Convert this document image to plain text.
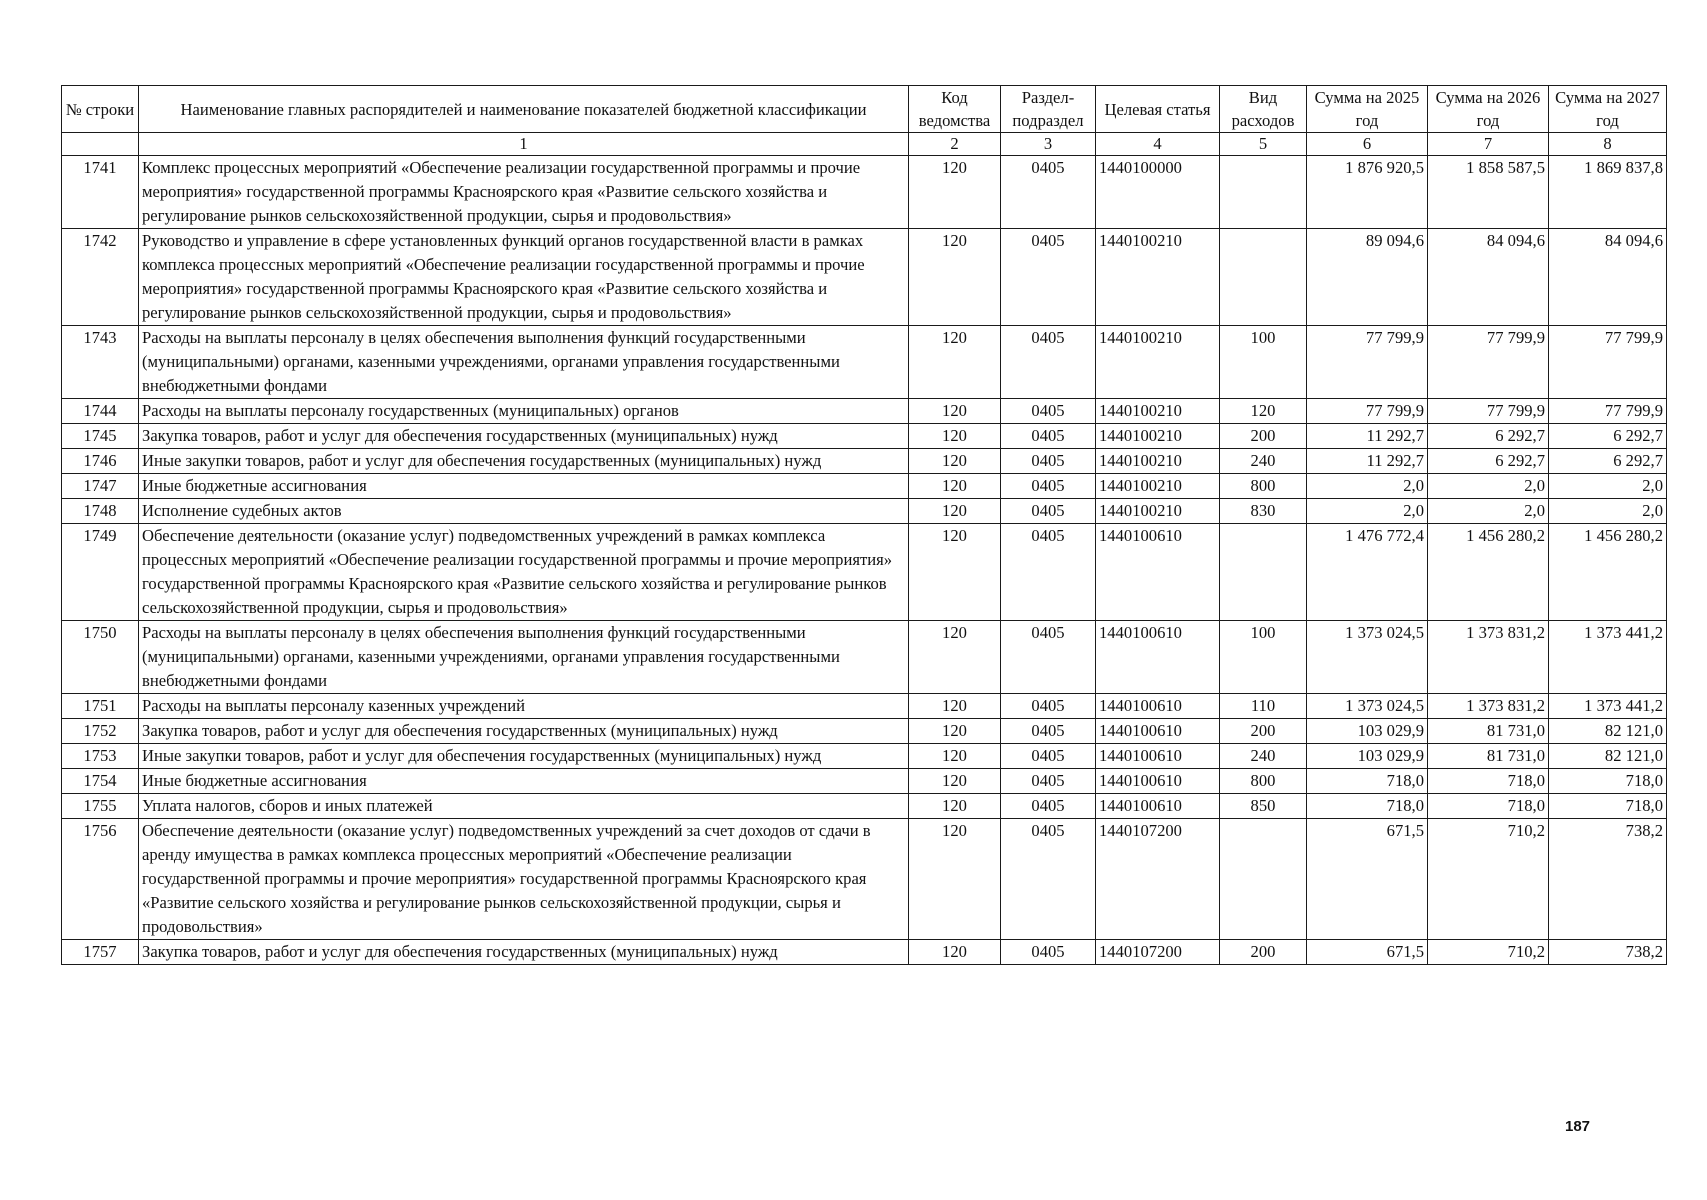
№ строки	Наименование главных распорядителей и наименование показателей бюджетной классификации	Код ведомства	Раздел- подраздел	Целевая статья	Вид расходов	Сумма на 2025 год	Сумма на 2026 год	Сумма на 2027 год
	1	2	3	4	5	6	7	8
1741	Комплекс процессных мероприятий «Обеспечение реализации государственной программы и прочие мероприятия» государственной программы Красноярского края «Развитие сельского хозяйства и регулирование рынков сельскохозяйственной продукции, сырья и продовольствия»	120	0405	1440100000		1 876 920,5	1 858 587,5	1 869 837,8
1742	Руководство и управление в сфере установленных функций органов государственной власти в рамках комплекса процессных мероприятий «Обеспечение реализации государственной программы и прочие мероприятия» государственной программы Красноярского края «Развитие сельского хозяйства и регулирование рынков сельскохозяйственной продукции, сырья и продовольствия»	120	0405	1440100210		89 094,6	84 094,6	84 094,6
1743	Расходы на выплаты персоналу в целях обеспечения выполнения функций государственными (муниципальными) органами, казенными учреждениями, органами управления государственными внебюджетными фондами	120	0405	1440100210	100	77 799,9	77 799,9	77 799,9
1744	Расходы на выплаты персоналу государственных (муниципальных) органов	120	0405	1440100210	120	77 799,9	77 799,9	77 799,9
1745	Закупка товаров, работ и услуг для обеспечения государственных (муниципальных) нужд	120	0405	1440100210	200	11 292,7	6 292,7	6 292,7
1746	Иные закупки товаров, работ и услуг для обеспечения государственных (муниципальных) нужд	120	0405	1440100210	240	11 292,7	6 292,7	6 292,7
1747	Иные бюджетные ассигнования	120	0405	1440100210	800	2,0	2,0	2,0
1748	Исполнение судебных актов	120	0405	1440100210	830	2,0	2,0	2,0
1749	Обеспечение деятельности (оказание услуг) подведомственных учреждений в рамках комплекса процессных мероприятий «Обеспечение реализации государственной программы и прочие мероприятия» государственной программы Красноярского края «Развитие сельского хозяйства и регулирование рынков сельскохозяйственной продукции, сырья и продовольствия»	120	0405	1440100610		1 476 772,4	1 456 280,2	1 456 280,2
1750	Расходы на выплаты персоналу в целях обеспечения выполнения функций государственными (муниципальными) органами, казенными учреждениями, органами управления государственными внебюджетными фондами	120	0405	1440100610	100	1 373 024,5	1 373 831,2	1 373 441,2
1751	Расходы на выплаты персоналу казенных учреждений	120	0405	1440100610	110	1 373 024,5	1 373 831,2	1 373 441,2
1752	Закупка товаров, работ и услуг для обеспечения государственных (муниципальных) нужд	120	0405	1440100610	200	103 029,9	81 731,0	82 121,0
1753	Иные закупки товаров, работ и услуг для обеспечения государственных (муниципальных) нужд	120	0405	1440100610	240	103 029,9	81 731,0	82 121,0
1754	Иные бюджетные ассигнования	120	0405	1440100610	800	718,0	718,0	718,0
1755	Уплата налогов, сборов и иных платежей	120	0405	1440100610	850	718,0	718,0	718,0
1756	Обеспечение деятельности (оказание услуг) подведомственных учреждений за счет доходов от сдачи в аренду имущества в рамках комплекса процессных мероприятий «Обеспечение реализации государственной программы и прочие мероприятия» государственной программы Красноярского края «Развитие сельского хозяйства и регулирование рынков сельскохозяйственной продукции, сырья и продовольствия»	120	0405	1440107200		671,5	710,2	738,2
1757	Закупка товаров, работ и услуг для обеспечения государственных (муниципальных) нужд	120	0405	1440107200	200	671,5	710,2	738,2
187
